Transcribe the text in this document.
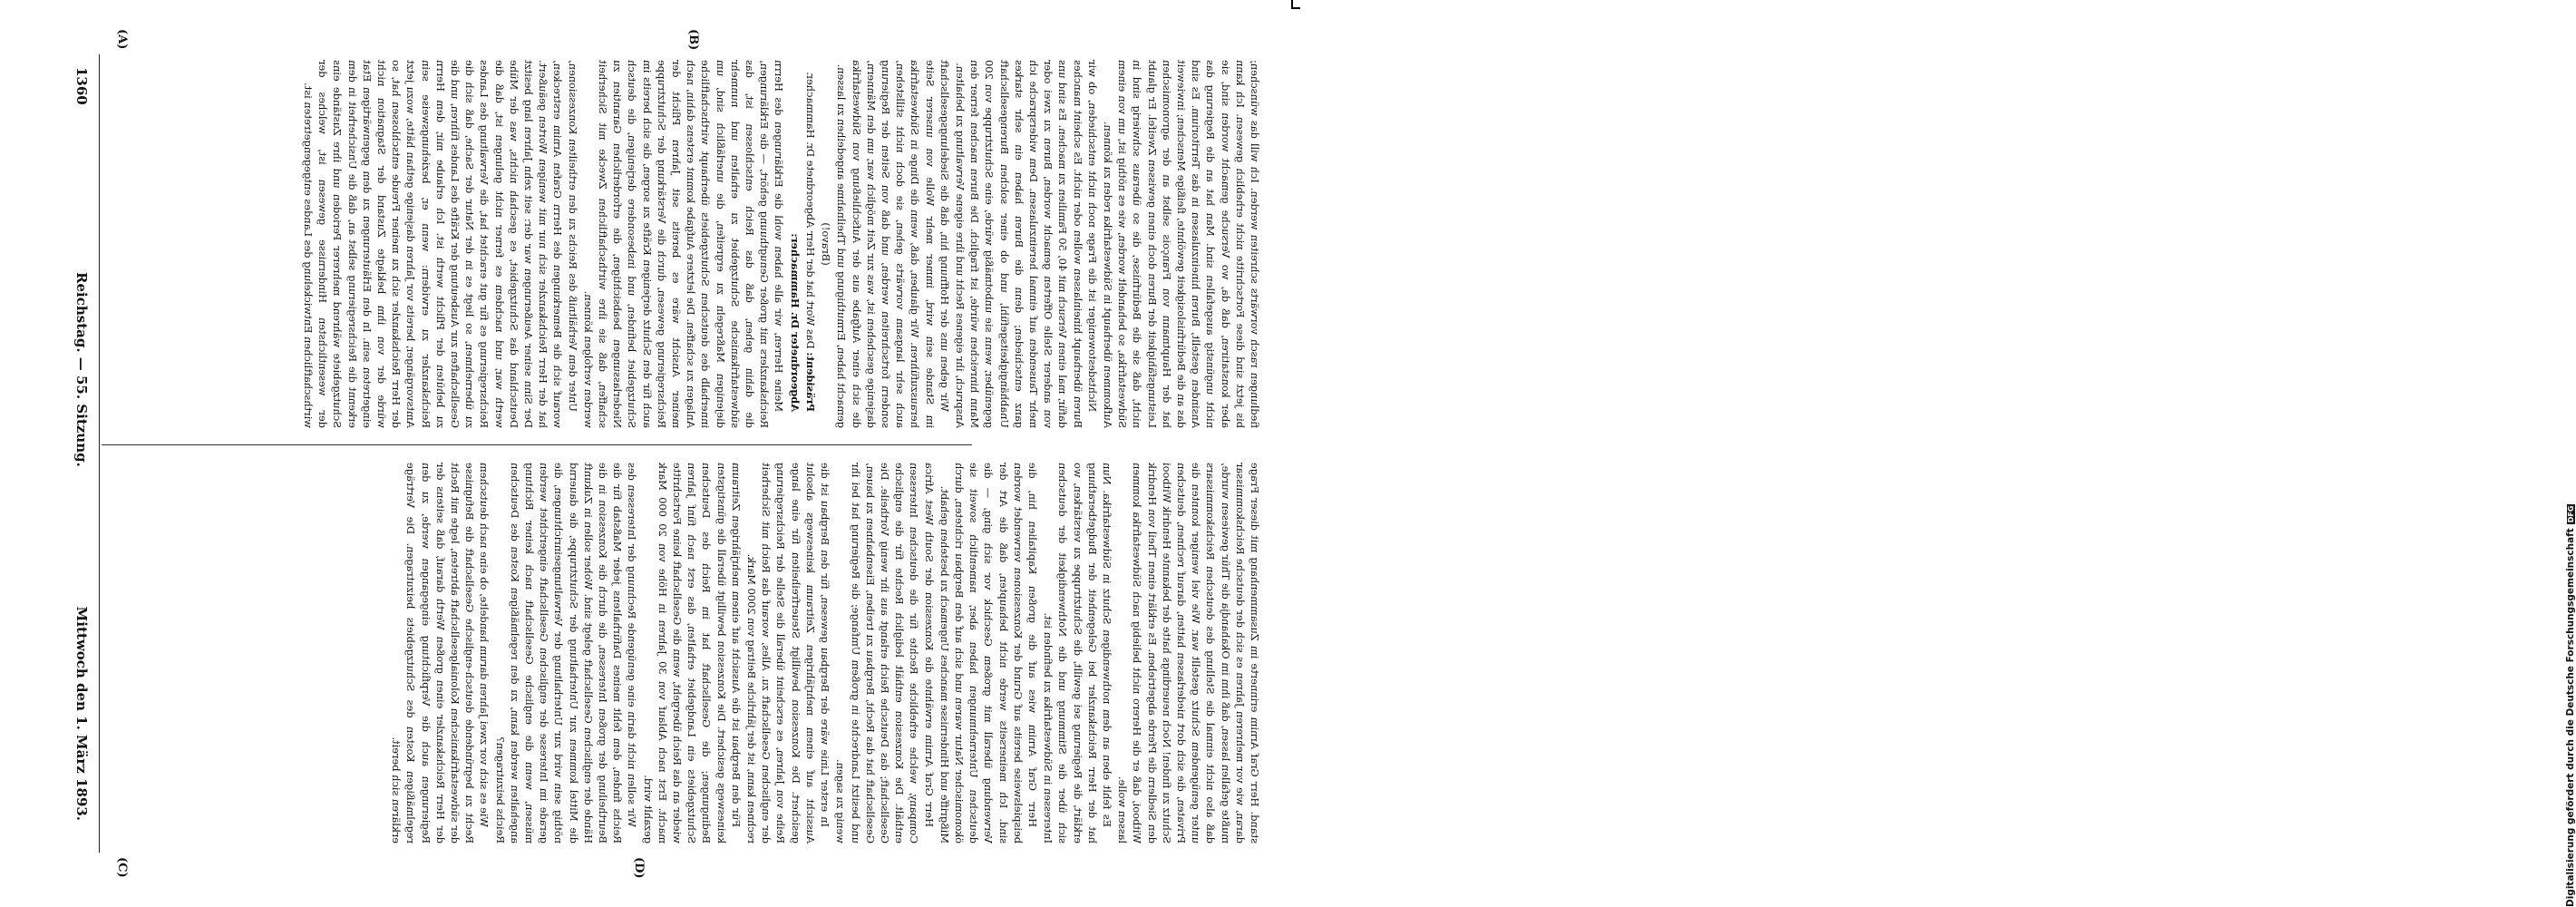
1360
Reichstag. — 55. Sitzung.
Mittwoch den 1. März 1893.
(A)	(B)
(C)	(D)

fiedlungen rasch vorwärts schreiten werden. Ich will das wünschen; bis jetzt sind diese Fortschritte nicht erheblich gewesen. Ich kann aber konstatiren, daß da, wo Versuche gemacht worden sind, sie nicht ungünstig ausgefallen sind. Man hat an die Regierung das Ansinden gestellt, Buren hineinzulassen in das Territorium. Es sind das an die Bedürfnislosigkeit gewöhnte, fleißige Menschen; inwieweit hat der Hauptmann von François selbst an der agronomischen Leistungsfähigkeit der Buren doch einen gewissen Zweifel. Er glaubt nicht, daß sie die Bedürfnisse, die so überaus schwierig sind in Südwestafrika, so behandelt worden, wie es nöthig ist, um von einem Aufkommen überhaupt in Südwestafrika reden zu können.

Nichtsdestoweniger ist die Frage noch nicht entschieden, ob wir Buren überhaupt hineinlassen wollen oder nicht. Es scheint manches dafür, mal einen Versuch mit 40, 50 Familien zu machen. Es sind uns von anderer Stelle Offerten gemacht worden, Buren zu zwei oder mehr Tausenden auf einmal hereinzulassen. Dem widersprache ich ganz entschieden; denn die Buren haben ein sehr starkes Unabhängigkeitsgefühl, und ob einer solchen Burengesellschaft gegenüber, wenn sie unbotmäßig würde, eine Schutztruppe von 200 Mann hinreichen würde, ist fraglich. Die Buren machen ferner den Anspruch, ihr eigenes Recht und ihre eigene Verwaltung zu behalten.

Wir geben uns der Hoffnung hin, daß die Siedelungsgesellschaft im Stande sein wird, immer mehr Wolle von unserer Seite herauszuführen. Wir glauben, daß, wenn die Dinge in Südwestafrika auch sehr langsam vorwärts gehen, sie doch nicht stillstehen, sondern fortschreiten werden, und daß von Seiten der Regierung dasjenige geschehen ist, was zur Zeit möglich war, um den Männern, die sich einer Aufgabe aus der Aufschließung von Südwestafrika gemacht haben, Ermuthigung und Theilnahme angedeihen zu lassen.

(Bravo!)

Präsident: Das Wort hat der Herr Abgeordnete Dr. Hammacher.

Abgeordneter Dr. Hammacher:

Meine Herren, wir alle haben wohl die Erklärungen des Herrn Reichskanzlers mit großer Genugthuung gehört, — die Erklärungen, die dahin gehen, daß das Reich entschlossen ist, das südwestafrikanische Schutzgebiet zu erhalten und nunmehr diejenigen Maßregeln zu ergreifen, die unerläßlich sind, um innerhalb des deutschen Schutzgebiets überhaupt wirthschaftliche Anlagen zu schaffen. Die letztere Aufgabe kommt erstens dahin, nach meiner Ansicht wäre es bereits seit Jahren Pflicht der Reichsregierung gewesen, durch die Verstärkung der Schutztruppe auch für den Schutz derjenigen Kräfte zu sorgen, die sich bereits im Schutzgebiet befinden, und insbesondere derjenigen, die deutsch Niederlassungen beabsichtigen, die erforderlichen Garantien zu schaffen, daß sie ihre wirthschaftlichen Zwecke mit Sicherheit werden verfolgen können.

Unter dem Verhältniß des Reichs zu den ertheilten Konzessionen, worauf sich die Bemerkungen des Herrn Grafen Arnim erstrecken, hat der Herr Reichskanzler sich nur mit wenigen Worten geäußert. Der Sinn seiner Aeußerungen war der: seit zehn Jahren lang besitzt Deutschland das Schutzgebiet, es geschah nichts, was der Mühe werth war, und nachdem es ferner nicht gelungen ist, daß die Reichsregierung es für gut erachtet hat, die Verwaltung des Landes zu übernehmen, so liegt es in der Natur der Sache, daß sich die Gesellschaften zur Ausbeutung der Kräfte des Landes führen, und die zu behüten der Pflicht werth ist. Ich erlaube mir, dem Herrn Reichskanzler zu erwidern: wenn er, beziehungsweise sein Amtsvorgänger, bereits vor Jahren dasjenige gethan hätte, wozu jetzt der Herr Reichskanzler sich zu meiner Freude entschlossen hat, so würde der von ihm beklagte Zustand der Stagnation nicht eingetreten sein. In den Erläuterungen zu dem gegenwärtigen Etat erkennt die Reichsregierung selbst an, daß die Unsicherheit in dem Schutzgebiete während mehrerer Perioden und ihre Zustände eins der wesentlichsten Hindernisse gewesen ist, welches der wirthschaftlichen Entwickelung des Landes entgegengetreten ist.

stand. Herr Graf Arnim erinnerte im Zusammenhang mit dieser Frage daran, wie vor mehreren Jahren es sich der deutsche Reichskommissar mußte gefallen lassen, daß ihm im Okahandja die Thür gewiesen wurde, daß also nicht einmal die Stellung des deutschen Reichskommissars unter genügendem Schutz gestellt war. Wie viel weniger konnten die Privaten, die sich dort niederlassen hatten, darauf rechnen, deutschen Schutz zu finden! Noch neuerdings hatte der bekannte Hendrik Witbooi den Siedlern die Pferde abgetrieben. Es erklärt einen Theil von Hendrik Witbooi, daß er die Herero nicht beliebig nach Südwestafrika kommen lassen wolle.

Es fehlt eben an dem nothwendigen Schutz in Südwestafrika. Nun hat der Herr Reichskanzler bei Gelegenheit der Budgetberathung erklärt, die Regierung sei gewillt, die Schutztruppe zu verstärken, wo sich über die Stimmung und die Nothwendigkeit der deutschen Interessen in Südwestafrika zu befinden ist.

Herr Graf Arnim wies auf die großen Kapitalien hin, die beispielsweise bereits auf Grund der Konzessionen verwendet worden sind. Ich meinerseits werde nicht behaupten, daß die Art der Verwendung überall mit großem Geschick vor sich ging, — die deutschen Unternehmungen haben aber, namentlich soweit sie ökonomischer Natur waren und sich auf den Bergbau richteten, durch Mißgriffe und Hindernisse manches Ungemach zu bestehen gehabt.

Herr Graf Arnim erwähnte die Konzession der South West Africa Company, welche erhebliche Rechte für die deutschen Interessen enthält. Die Konzession enthält lediglich Rechte für die englische Gesellschaft; das Deutsche Reich erlangt aus ihr wenig Vortheile. Die Gesellschaft hat das Recht, Bergbau zu treiben, Eisenbahnen zu bauen, und besitzt Landrechte in großem Umfange; die Regierung hat bei ihr wenig zu sagen.

In erster Linie wäre der Bergbau gewesen, für den Bergbau ist die Aussicht auf einem mehrjährigen Zeitraum keineswegs absolut gesichert. Die Konzession bewilligt Steuerfreiheiten für eine lange Reihe von Jahren, es erscheint überall die Stelle der Reichsregierung der englischen Gesellschaft zu. Alles, worauf das Reich mit Sicherheit rechnen kann, ist der jährliche Beitrag von 2000 Mark.

Für den Bergbau ist die Aussicht auf einem mehrjährigen Zeitraum keineswegs gesichert. Die Konzession bewilligt überall die günstigsten Bedingungen; die Gesellschaft hat im Reich des Deutschen Schutzgebiets ein Landgebiet erhalten, das erst nach fünf Jahren wieder an das Reich übergeht, wenn die Gesellschaft keine Fortschritte macht. Erst nach Ablauf von 30 Jahren in Höhe von 20 000 Mark gezahlt wird.

Wir sollen nicht darin eine genügende Rechnung der Interessen des Reichs finden, dem fehlt meines Dafürhaltens jeder Maßstab für die Beurtheilung der großen Interessen, die durch die Konzession in die Hände der englischen Gesellschaft gelegt sind. Woher sollen in Zukunft die Mittel kommen zur Unterhaltung der Schutztruppe, die dauernd nöthig sein wird zur Unterhaltung der Verwaltungseinrichtungen, die gerade im Interesse der englischen Gesellschaft eingerichtet werden müssen, wenn die englische Gesellschaft nach keiner Richtung angehalten werden kann, zu den regelmäßigen Kosten des Deutschen Reichs beizutragen?

Wie es sich vor zwei Jahren darum handelte, ob eine nach deutschem Recht zu begründende deutsch-englische Gesellschaft die Befugnisse der südwestafrikanischen Kolonialgesellschaft abtreten, legte mit Recht der Herr Reichskanzler einen großen Werth darauf, daß seitens der Regierungen auch die Verpflichtung eingegangen werde, zu den regelmäßigen Kosten des Schutzgebiets beizutragen. Die Verträge erklären sich bereit.	Digitalisierung gefördert durch die Deutsche ForschungsgemeinschaftDFG
